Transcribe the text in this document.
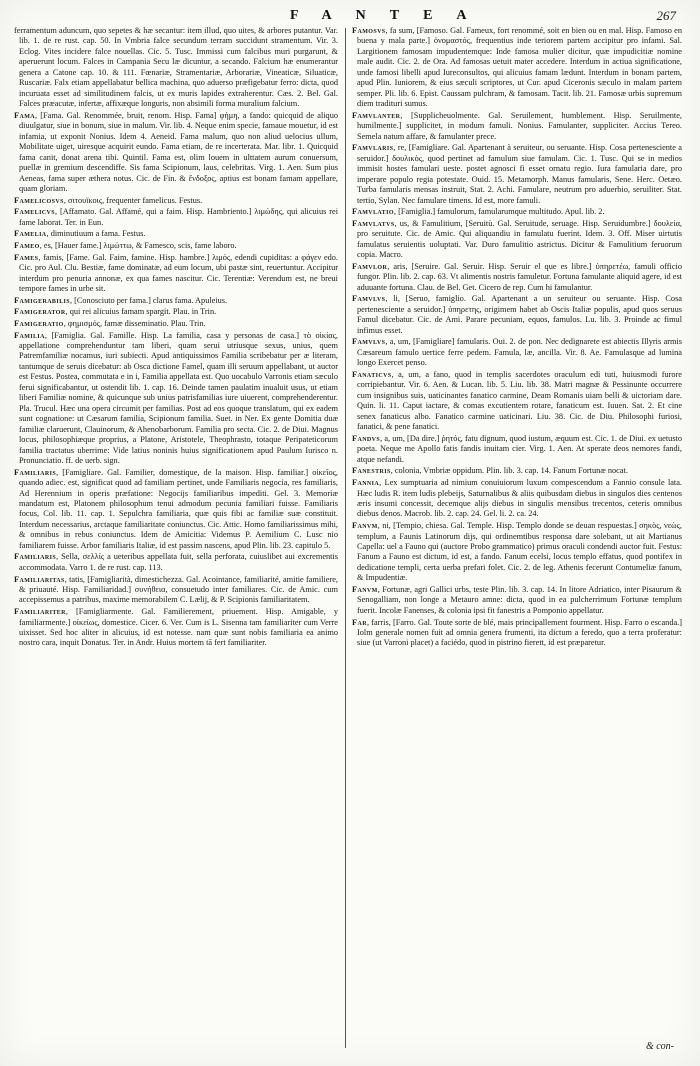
FANTEA	267

ferramentum aduncum, quo sepetes & hæ secantur: item illud, quo uites, & arbores putantur. Var. lib. 1. de re rust. cap. 50. In Vmbria falce secundum terram succidunt stramentum. Vir. 3. Eclog. Vites incidere falce nouellas. Cic. 5. Tusc. Immissi cum falcibus muri purgarunt, & aperuerunt locum. Falces in Campania Secu læ dicuntur, a secando. Falcium hæ enumerantur genera a Catone cap. 10. & 111. Fœnariæ, Stramentariæ, Arborariæ, Vineaticæ, Siluaticæ, Ruscariæ. Falx etiam appellabatur bellica machina, quo aduerso præfigebatur ferro: dicta, quod incuruata esset ad similitudinem falcis, ut ex muris lapides extraherentur. Cæs. 2. Bel. Gal. Falces præacutæ, infertæ, affixæque longuris, non absimili forma muralium falcium.

Fama, [Fama. Gal. Renommée, bruit, renom. Hisp. Fama] φήμη, a fando: quicquid de aliquo diuulgatur, siue in bonum, siue in malum. Vir. lib. 4. Neque enim specie, famaue mouetur, id est infamia, ut exponit Nonius. Idem 4. Aeneid. Fama malum, quo non aliud uelocius ullum, Mobilitate uiget, uiresque acquirit eundo. Fama etiam, de re incerterata. Mar. libr. 1. Quicquid fama canit, donat arena tibi. Quintil. Fama est, olim louem in ulttatem aurum conuersum, puellæ in gremium descendiffe. Sis fama Scipionum, laus, celebritas. Virg. 1. Aen. Sum pius Aeneas, fama super æthera notus. Cic. de Fin. & ἔνδοξος, aptius est bonam famam appellare, quam gloriam.

Famelicosvs, σιτουϊκοις, frequenter famelicus. Festus.

Famelicvs, [Affamato. Gal. Affamé, qui a faim. Hisp. Hambriento.] λιμώδης, qui alicuius rei fame laborat. Ter. in Eun.

Famelia, diminutiuum a fama. Festus.

Fameo, es, [Hauer fame.] λιμώττω, & Famesco, scis, fame laboro.

Fames, famis, [Fame. Gal. Faim, famine. Hisp. hambre.] λιμός, edendi cupiditas: a φάγεν edo. Cic. pro Aul. Clu. Bestiæ, fame dominatæ, ad eum locum, ubi pastæ sint, reuertuntur. Accipitur interdum pro penuria annonæ, ex qua fames nascitur. Cic. Terentiæ: Verendum est, ne breui tempore fames in urbe sit.

Famigerabilis, [Conosciuto per fama.] clarus fama. Apuleius.

Famigerator, qui rei alicuius famam spargit. Plau. in Trin.

Famigeratio, φημισμός, famæ disseminatio. Plau. Trin.

Familia, [Famiglia. Gal. Famille. Hisp. La familia, casa y personas de casa.] τὸ οἰκίας, appellatione comprehenduntur tam liberi, quam serui utriusque sexus, unius, quem Patremfamiliæ nocamus, iuri subiecti. Apud antiquissimos Familia scribebatur per æ literam, tantumque de seruis dicebatur: ab Osca dictione Famel, quam illi seruum appellabant, ut auctor est Festus. Postea, commutata e in i, Familia appellata est. Quo uocabulo Varronis etiam sæculo ferui significabantur, ut ostendit lib. 1. cap. 16. Deinde tamen paulatim inualuit usus, ut etiam liberi Familiæ nomine, & quicunque sub unius patrisfamilias iure uiuerent, comprehenderentur. Pla. Trucul. Hæc una opera circumit per familias. Post ad eos quoque translatum, qui ex eadem sunt cognatione: ut Cæsarum familia, Scipionum familia. Suet. in Ner. Ex gente Domitia duæ familiæ claruerunt, Clauinorum, & Ahenobarborum. Familia pro secta. Cic. 2. de Diui. Magnus locus, philosophiæque proprius, a Platone, Aristotele, Theophrasto, totaque Peripateticorum familia tractatus uberrime: Vide latius noninis huius significationem apud Paulum Iurisco n. Pronunciatio. ff. de uerb. sign.

Familiaris, [Famigliare. Gal. Familier, domestique, de la maison. Hisp. familiar.] οἰκεῖος, quando adiec. est, significat quod ad familiam pertinet, unde Familiaris negocia, res familiaris, Ad Herennium in operis præfatione: Negocijs familiaribus impediti. Gel. 3. Memoriæ mandatum est, Platonem philosophum tenui admodum pecunia familiari fuisse. Familiaris focus, Col. lib. 11. cap. 1. Sepulchra familiaria, quæ quis fibi ac familiæ suæ constituit. Interdum necessarius, arctaque familiaritate coniunctus. Cic. Attic. Homo familiarissimus mihi, & omnibus in rebus coniunctus. Idem de Amicitia: Videmus P. Aemilium C. Lusc nio familiarem fuisse. Arbor familiaris Italiæ, id est passim nascens, apud Plin. lib. 23. capitulo 5.

Familiaris, Sella, σελλίς a ueteribus appellata fuit, sella perforata, cuiuslibet aui excrementis accommodata. Varro 1. de re rust. cap. 113.

Familiaritas, tatis, [Famigliarità, dimestichezza. Gal. Acointance, familiarité, amitie familiere, & priuauté. Hisp. Familiaridad.] συνήθεια, consuetudo inter familiares. Cic. de Amic. cum accepissemus a patribus, maxime memorabilem C. Lælij, & P. Scipionis familiaritatem.

Familiariter, [Famigliarmente. Gal. Familierement, priuement. Hisp. Amigable, y familiarmente.] οἰκείως, domestice. Cicer. 6. Ver. Cum is L. Sisenna tam familiariter cum Verre uixisset. Sed hoc aliter in alicuius, id est notesse. nam quæ sunt nobis familiaria ea animo nostro cara, inquit Donatus. Ter. in Andr. Huius mortem tā fert familiariter.

Famosvs, fa sum, [Famoso. Gal. Fameux, fort renommé, soit en bien ou en mal. Hisp. Famoso en buena y mala parte.] ὀνομαστός, frequentius inde teriorem partem accipitur pro infami. Sal. Largitionem famosam impudentemque: Inde famosa mulier dicitur, quæ impudicitiæ nomine male audit. Cic. 2. de Ora. Ad famosas uetuit mater accedere. Interdum in actiua significatione, unde famosi libelli apud Iureconsultos, qui alicuius famam lædunt. Interdum in bonam partem, apud Plin. Iuniorem, & eius sæculi scriptores, ut Cur. apud Ciceronis sæculo in malam partem semper. Pli. lib. 6. Epist. Caussam pulchram, & famosam. Tacit. lib. 21. Famosæ urbis supremum diem tradituri sumus.

Famvlanter, [Supplicheuolmente. Gal. Seruilement, humblement. Hisp. Seruilmente, humilmente.] supplicitet, in modum famuli. Nonius. Famulanter, suppliciter. Accius Tereo. Semela natum affare, & famulanter prece.

Famvlaris, re, [Famigliare. Gal. Apartenant à seruiteur, ou seruante. Hisp. Cosa pertenesciente a seruidor.] δουλικὸς, quod pertinet ad famulum siue famulam. Cic. 1. Tusc. Qui se in medios immisit hostes famulari ueste. postet agnosci fi esset ornatu regio. Iura famularia dare, pro imperare populo regia potestate. Ouid. 15. Metamorph. Manus famularis, Sene. Herc. Oetæo. Turba famularis mensas instruit, Stat. 2. Achi. Famulare, neutrum pro aduerbio, seruiliter. Stat. tertio, Sylan. Nec famulare timens. Id est, more famuli.

Famvlatio, [Famiglia.] famulorum, famularumque multitudo. Apul. lib. 2.

Famvlatvs, us, & Famulitium, [Seruitù. Gal. Seruitude, seruage. Hisp. Seruidumbre.] δουλεία, pro seruitute. Cic. de Amic. Qui aliquandiu in famulatu fuerint. Idem. 3. Off. Miser uirtutis famulatus seruientis uoluptati. Var. Duro famulitio astrictus. Dicitur & Famulitium feruorum copia. Macro.

Famvlor, aris, [Seruire. Gal. Seruir. Hisp. Seruir el que es libre.] ὑπηρετέω, famuli officio fungor. Plin. lib. 2. cap. 63. Vt alimentis nostris famuletur. Fortuna famulante aliquid agere, id est aduuante fortuna. Clau. de Bel. Get. Cicero de rep. Cum hi famulantur.

Famvlvs, li, [Seruo, famiglio. Gal. Apartenant a un seruiteur ou seruante. Hisp. Cosa pertenesciente a seruidor.] ὑπηρετης, origimem habet ab Oscis Italiæ populis, apud quos seruus Famul dicebatur. Cic. de Ami. Parare pecuniam, equos, famulos. Lu. lib. 3. Proinde ac fimul infimus esset.

Famvlvs, a, um, [Famigliare] famularis. Oui. 2. de pon. Nec dedignarete est abiectis Illyris armis Cæsareum famulo uertice ferre pedem. Famula, læ, ancilla. Vir. 8. Ae. Famulasque ad lumina longo Exercet penso.

Fanaticvs, a, um, a fano, quod in templis sacerdotes oraculum edi tuti, huiusmodi furore corripiebantur. Vir. 6. Aen. & Lucan. lib. 5. Liu. lib. 38. Matri magnæ & Pessinunte occurrere cum insignibus suis, uaticinantes fanatico carmine, Deam Romanis uiam belli & uictoriam dare. Quin. li. 11. Caput iactare, & comas excutientem rotare, fanaticum est. Iuuen. Sat. 2. Et cine senex fanaticus albo. Fanatico carmine uaticinari. Liu. 38. Cic. de Diu. Philosophi furiosi, fanatici, & pene fanatici.

Fandvs, a, um, [Da dire.] ῥητός, fatu dignum, quod iustum, æquum est. Cic. 1. de Diui. ex uetusto poeta. Neque me Apollo fatis fandis inuitam cier. Virg. 1. Aen. At sperate deos nemores fandi, atque nefandi.

Fanestris, colonia, Vmbriæ oppidum. Plin. lib. 3. cap. 14. Fanum Fortunæ nocat.

Fannia, Lex sumptuaria ad nimium conuiuiorum luxum compescendum a Fannio consule lata. Hæc ludis R. item ludis plebeijs, Saturnalibus & aliis quibusdam diebus in singulos dies centenos æris insumi concessit, decemque alijs diebus in singulis mensibus trecentos, ceteris omnibus diebus denos. Macrob. lib. 2. cap. 24. Gel. li. 2. ca. 24.

Fanvm, ni, [Tempio, chiesa. Gal. Temple. Hisp. Templo donde se deuan respuestas.] σηκὸς, νεὼς, templum, a Faunis Latinorum dijs, qui ordinemtibus responsa dare solebant, ut ait Martianus Capella: uel a Fauno qui (auctore Probo grammatico) primus oraculi condendi auctor fuit. Festus: Fanum a Fauno est dictum, id est, a fando. Fanum ecelsi, locus templo effatus, quod pontifex in dedicatione templi, certa uerba prefari folet. Cic. 2. de leg. Athenis fecerunt Contumeliæ fanum, & Impudentiæ.

Fanvm, Fortunæ, agri Gallici urbs, teste Plin. lib. 3. cap. 14. In litore Adriatico, inter Pisaurum & Senogalliam, non longe a Metauro amne: dicta, quod in ea pulcherrimum Fortunæ templum fuerit. Incolæ Fanenses, & colonia ipsi fit fanestris a Pomponio appellatur.

Far, farris, [Farro. Gal. Toute sorte de blé, mais principallement fourment. Hisp. Farro o escanda.] Iolm generale nomen fuit ad omnia genera frumenti, ita dictum a feredo, quo a terra proferatur: siue (ut Varroni placet) a faciédo, quod in pistrino fierett, id est præparetur.

& con-
